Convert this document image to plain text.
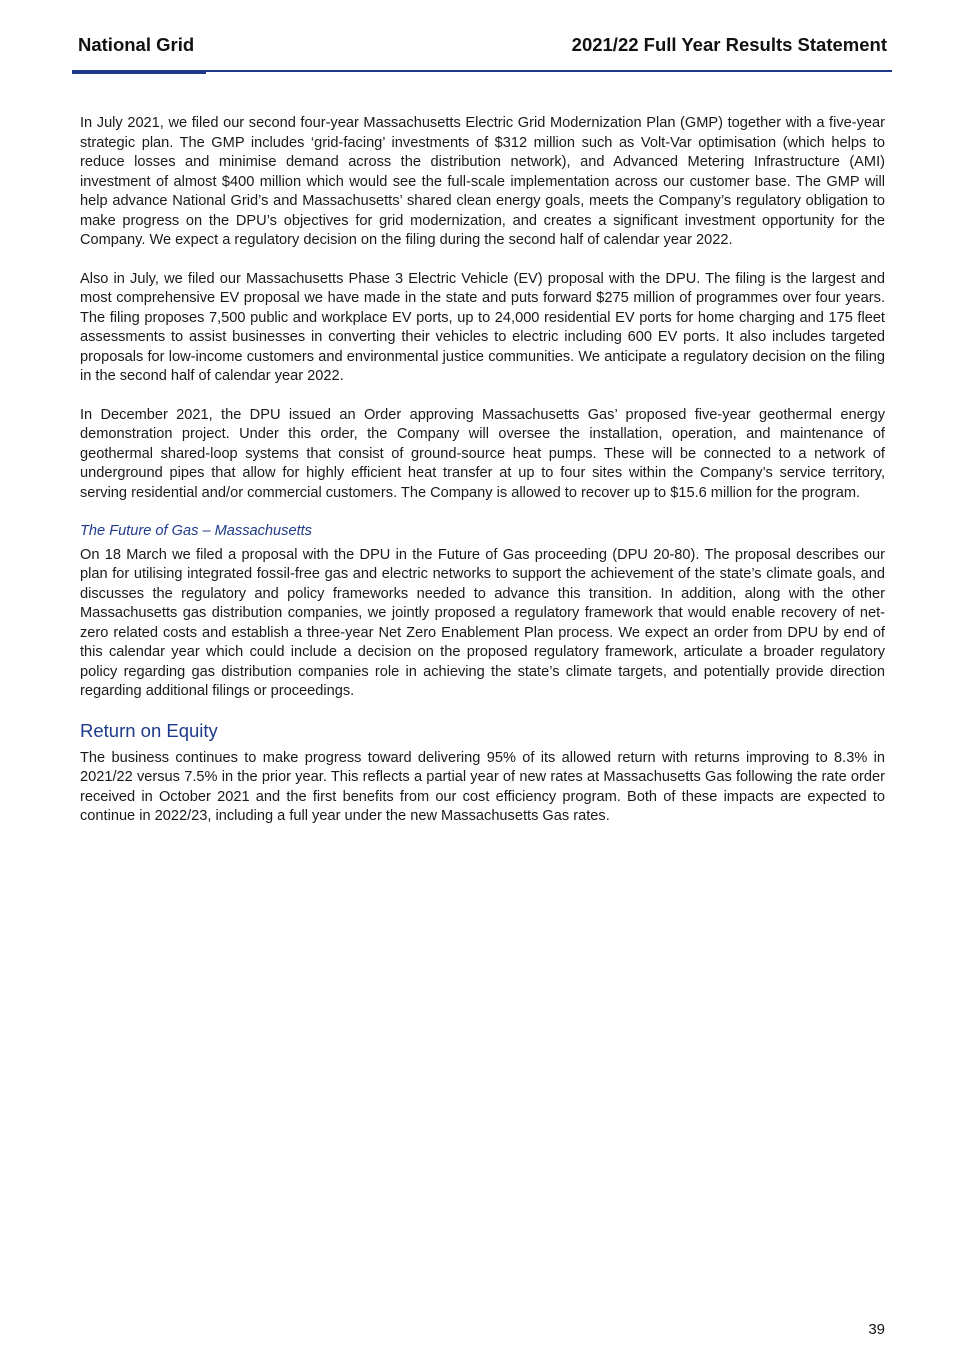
National Grid	2021/22 Full Year Results Statement

In July 2021, we filed our second four-year Massachusetts Electric Grid Modernization Plan (GMP) together with a five-year strategic plan. The GMP includes ‘grid-facing’ investments of $312 million such as Volt-Var optimisation (which helps to reduce losses and minimise demand across the distribution network), and Advanced Metering Infrastructure (AMI) investment of almost $400 million which would see the full-scale implementation across our customer base. The GMP will help advance National Grid’s and Massachusetts’ shared clean energy goals, meets the Company’s regulatory obligation to make progress on the DPU’s objectives for grid modernization, and creates a significant investment opportunity for the Company. We expect a regulatory decision on the filing during the second half of calendar year 2022.

Also in July, we filed our Massachusetts Phase 3 Electric Vehicle (EV) proposal with the DPU. The filing is the largest and most comprehensive EV proposal we have made in the state and puts forward $275 million of programmes over four years. The filing proposes 7,500 public and workplace EV ports, up to 24,000 residential EV ports for home charging and 175 fleet assessments to assist businesses in converting their vehicles to electric including 600 EV ports. It also includes targeted proposals for low-income customers and environmental justice communities. We anticipate a regulatory decision on the filing in the second half of calendar year 2022.

In December 2021, the DPU issued an Order approving Massachusetts Gas’ proposed five-year geothermal energy demonstration project. Under this order, the Company will oversee the installation, operation, and maintenance of geothermal shared-loop systems that consist of ground-source heat pumps. These will be connected to a network of underground pipes that allow for highly efficient heat transfer at up to four sites within the Company’s service territory, serving residential and/or commercial customers. The Company is allowed to recover up to $15.6 million for the program.

The Future of Gas – Massachusetts

On 18 March we filed a proposal with the DPU in the Future of Gas proceeding (DPU 20-80). The proposal describes our plan for utilising integrated fossil-free gas and electric networks to support the achievement of the state’s climate goals, and discusses the regulatory and policy frameworks needed to advance this transition. In addition, along with the other Massachusetts gas distribution companies, we jointly proposed a regulatory framework that would enable recovery of net-zero related costs and establish a three-year Net Zero Enablement Plan process. We expect an order from DPU by end of this calendar year which could include a decision on the proposed regulatory framework, articulate a broader regulatory policy regarding gas distribution companies role in achieving the state’s climate targets, and potentially provide direction regarding additional filings or proceedings.

Return on Equity

The business continues to make progress toward delivering 95% of its allowed return with returns improving to 8.3% in 2021/22 versus 7.5% in the prior year. This reflects a partial year of new rates at Massachusetts Gas following the rate order received in October 2021 and the first benefits from our cost efficiency program. Both of these impacts are expected to continue in 2022/23, including a full year under the new Massachusetts Gas rates.

39
